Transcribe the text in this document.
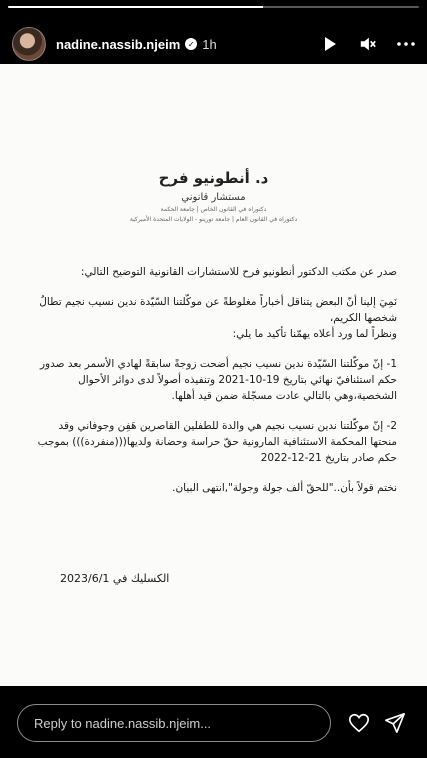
nadine.nassib.njeim ✓ 1h
د. أنطونيو فرح
مستشار قانوني
دكتوراه في القانون الخاص | جامعة الحكمة
دكتوراه في القانون العام | جامعة تورينو - الولايات المتحدة الأميركية

صدر عن مكتب الدكتور أنطونيو فرح للاستشارات القانونية التوضيح التالي:

نَمِيَ إلينا أنّ البعض يتناقل أخباراً مغلوطةً عن موكّلتنا السّيّدة ندين نسيب نجيم تطالُ شخصها الكريم،

ونظراً لما ورد أعلاه يهمّنا تأكيد ما يلي:

1- إنّ موكّلتنا السّيّدة ندين نسيب نجيم أضحت زوجةً سابقةً لهادي الأسمر بعد صدور حكم استئنافيّ نهائي بتاريخ 19-10-2021 وتنفيذه أصولاً لدى دوائر الأحوال الشخصية،وهي بالتالي عادت مسجّلة ضمن قيد أهلها.

2- إنّ موكّلتنا ندين نسيب نجيم هي والدة للطفلين القاصرين هَفِن وجوفاني وقد منحتها المحكمة الاستئنافية المارونية حقّ حراسة وحضانة ولديها(((منفردة))) بموجب حكم صادر بتاريخ 21-12-2022

نختم قولاً بأن.."للحقّ ألف جولة وجولة",انتهى البيان.

الكسليك في 2023/6/1
Reply to nadine.nassib.njeim...
